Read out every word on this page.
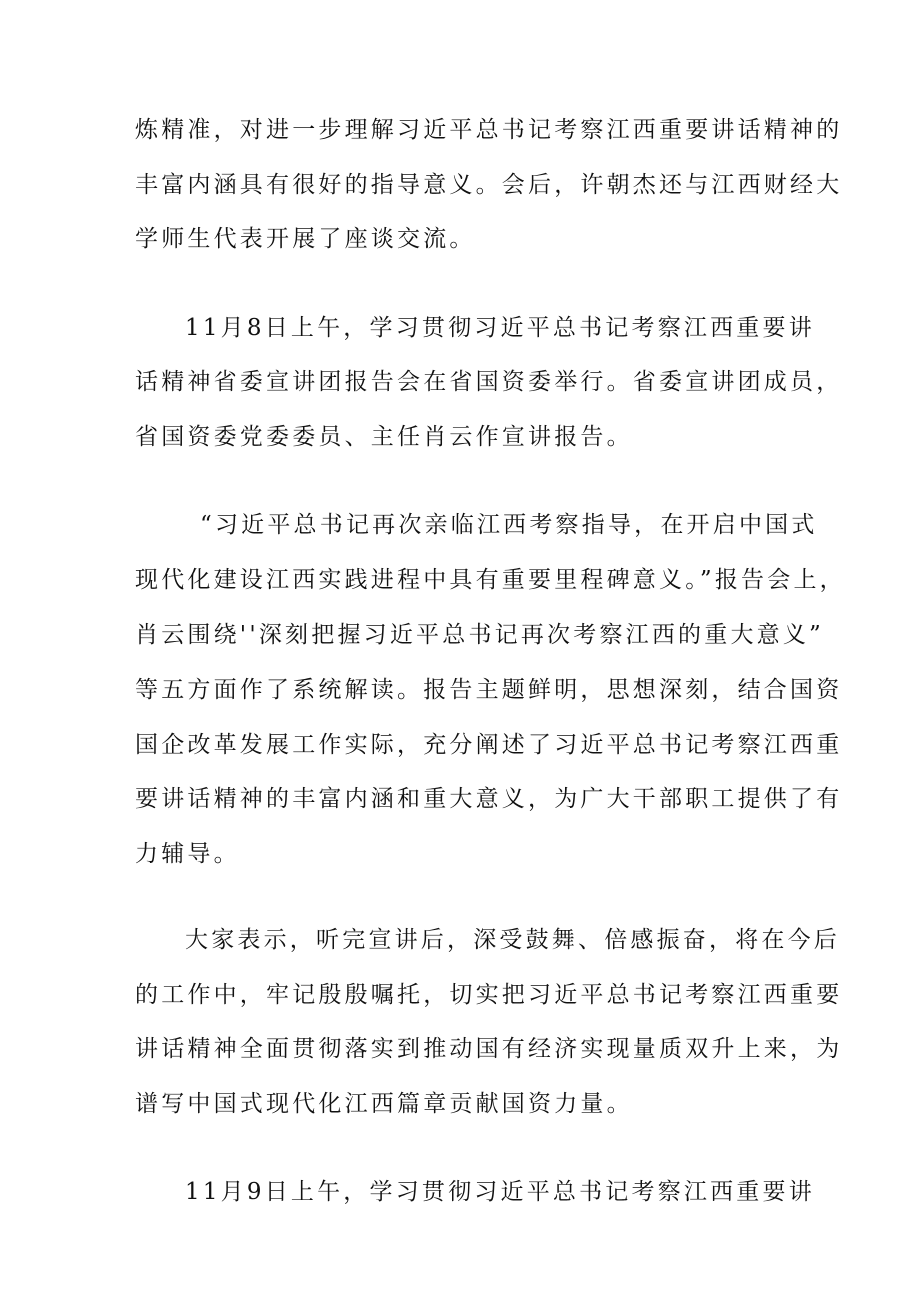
炼精准，对进一步理解习近平总书记考察江西重要讲话精神的

丰富内涵具有很好的指导意义。会后，许朝杰还与江西财经大

学师生代表开展了座谈交流。

11月8日上午，学习贯彻习近平总书记考察江西重要讲

话精神省委宣讲团报告会在省国资委举行。省委宣讲团成员，

省国资委党委委员、主任肖云作宣讲报告。

“习近平总书记再次亲临江西考察指导，在开启中国式

现代化建设江西实践进程中具有重要里程碑意义。”报告会上，

肖云围绕''深刻把握习近平总书记再次考察江西的重大意义”

等五方面作了系统解读。报告主题鲜明，思想深刻，结合国资

国企改革发展工作实际，充分阐述了习近平总书记考察江西重

要讲话精神的丰富内涵和重大意义，为广大干部职工提供了有

力辅导。

大家表示，听完宣讲后，深受鼓舞、倍感振奋，将在今后

的工作中，牢记殷殷嘱托，切实把习近平总书记考察江西重要

讲话精神全面贯彻落实到推动国有经济实现量质双升上来，为

谱写中国式现代化江西篇章贡献国资力量。

11月9日上午，学习贯彻习近平总书记考察江西重要讲
